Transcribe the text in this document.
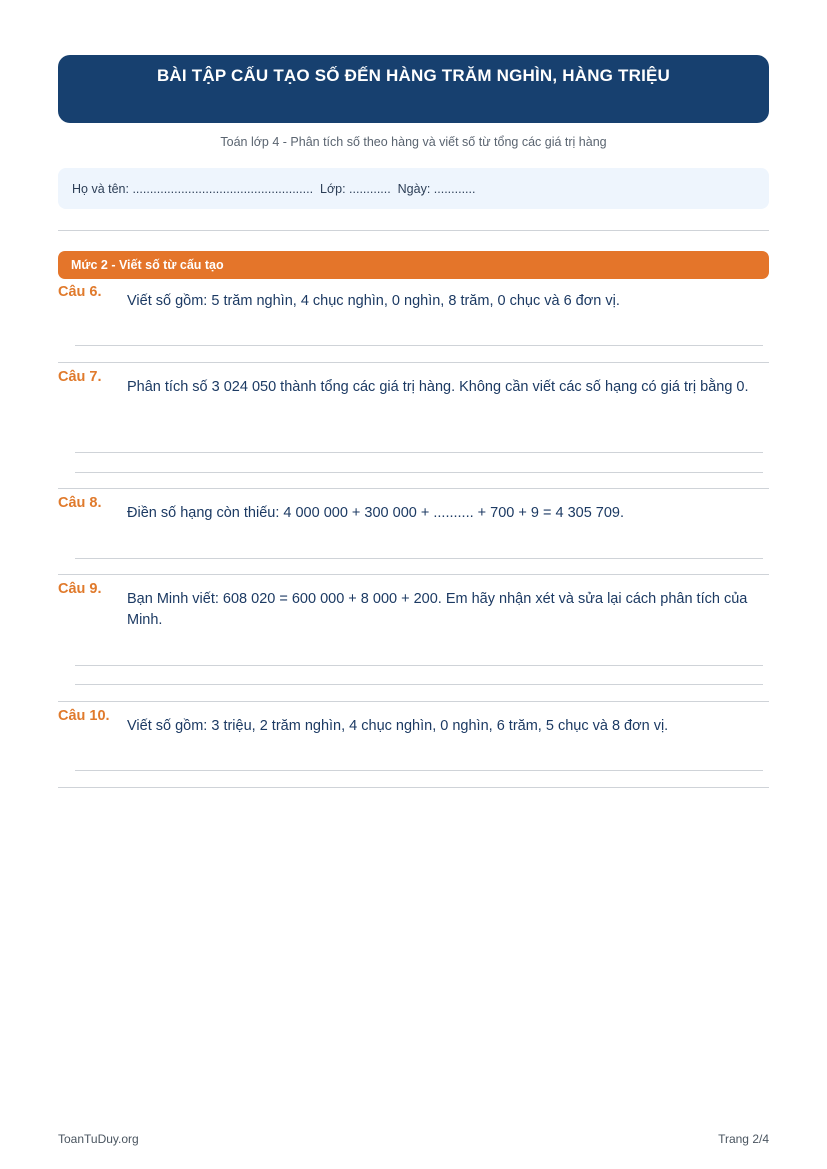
BÀI TẬP CẤU TẠO SỐ ĐẾN HÀNG TRĂM NGHÌN, HÀNG TRIỆU
Toán lớp 4 - Phân tích số theo hàng và viết số từ tổng các giá trị hàng
Họ và tên: ....................................................  Lớp: ............  Ngày: ............
Mức 2 - Viết số từ cấu tạo
Câu 6.
Viết số gồm: 5 trăm nghìn, 4 chục nghìn, 0 nghìn, 8 trăm, 0 chục và 6 đơn vị.
Câu 7.
Phân tích số 3 024 050 thành tổng các giá trị hàng. Không cần viết các số hạng có giá trị bằng 0.
Câu 8.
Điền số hạng còn thiếu: 4 000 000 + 300 000 + .......... + 700 + 9 = 4 305 709.
Câu 9.
Bạn Minh viết: 608 020 = 600 000 + 8 000 + 200. Em hãy nhận xét và sửa lại cách phân tích của Minh.
Câu 10.
Viết số gồm: 3 triệu, 2 trăm nghìn, 4 chục nghìn, 0 nghìn, 6 trăm, 5 chục và 8 đơn vị.
ToanTuDuy.org	Trang 2/4
